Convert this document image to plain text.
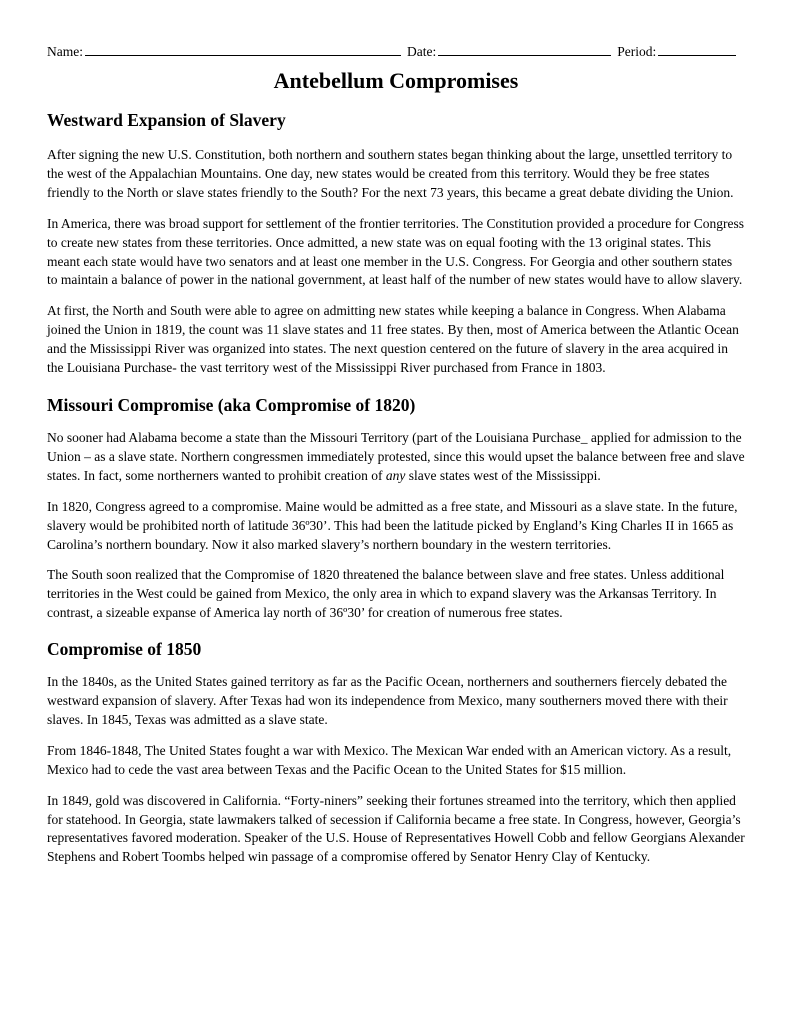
Name:	Date:	Period:
Antebellum Compromises
Westward Expansion of Slavery

After signing the new U.S. Constitution, both northern and southern states began thinking about the large, unsettled territory to the west of the Appalachian Mountains. One day, new states would be created from this territory. Would they be free states friendly to the North or slave states friendly to the South? For the next 73 years, this became a great debate dividing the Union.

In America, there was broad support for settlement of the frontier territories. The Constitution provided a procedure for Congress to create new states from these territories. Once admitted, a new state was on equal footing with the 13 original states. This meant each state would have two senators and at least one member in the U.S. Congress. For Georgia and other southern states to maintain a balance of power in the national government, at least half of the number of new states would have to allow slavery.

At first, the North and South were able to agree on admitting new states while keeping a balance in Congress. When Alabama joined the Union in 1819, the count was 11 slave states and 11 free states. By then, most of America between the Atlantic Ocean and the Mississippi River was organized into states. The next question centered on the future of slavery in the area acquired in the Louisiana Purchase- the vast territory west of the Mississippi River purchased from France in 1803.

Missouri Compromise (aka Compromise of 1820)

No sooner had Alabama become a state than the Missouri Territory (part of the Louisiana Purchase_ applied for admission to the Union – as a slave state. Northern congressmen immediately protested, since this would upset the balance between free and slave states. In fact, some northerners wanted to prohibit creation of any slave states west of the Mississippi.

In 1820, Congress agreed to a compromise. Maine would be admitted as a free state, and Missouri as a slave state. In the future, slavery would be prohibited north of latitude 36º30’. This had been the latitude picked by England’s King Charles II in 1665 as Carolina’s northern boundary. Now it also marked slavery’s northern boundary in the western territories.

The South soon realized that the Compromise of 1820 threatened the balance between slave and free states. Unless additional territories in the West could be gained from Mexico, the only area in which to expand slavery was the Arkansas Territory. In contrast, a sizeable expanse of America lay north of 36º30’ for creation of numerous free states.

Compromise of 1850

In the 1840s, as the United States gained territory as far as the Pacific Ocean, northerners and southerners fiercely debated the westward expansion of slavery. After Texas had won its independence from Mexico, many southerners moved there with their slaves. In 1845, Texas was admitted as a slave state.

From 1846-1848, The United States fought a war with Mexico. The Mexican War ended with an American victory. As a result, Mexico had to cede the vast area between Texas and the Pacific Ocean to the United States for $15 million.

In 1849, gold was discovered in California. “Forty-niners” seeking their fortunes streamed into the territory, which then applied for statehood. In Georgia, state lawmakers talked of secession if California became a free state. In Congress, however, Georgia’s representatives favored moderation. Speaker of the U.S. House of Representatives Howell Cobb and fellow Georgians Alexander Stephens and Robert Toombs helped win passage of a compromise offered by Senator Henry Clay of Kentucky.
